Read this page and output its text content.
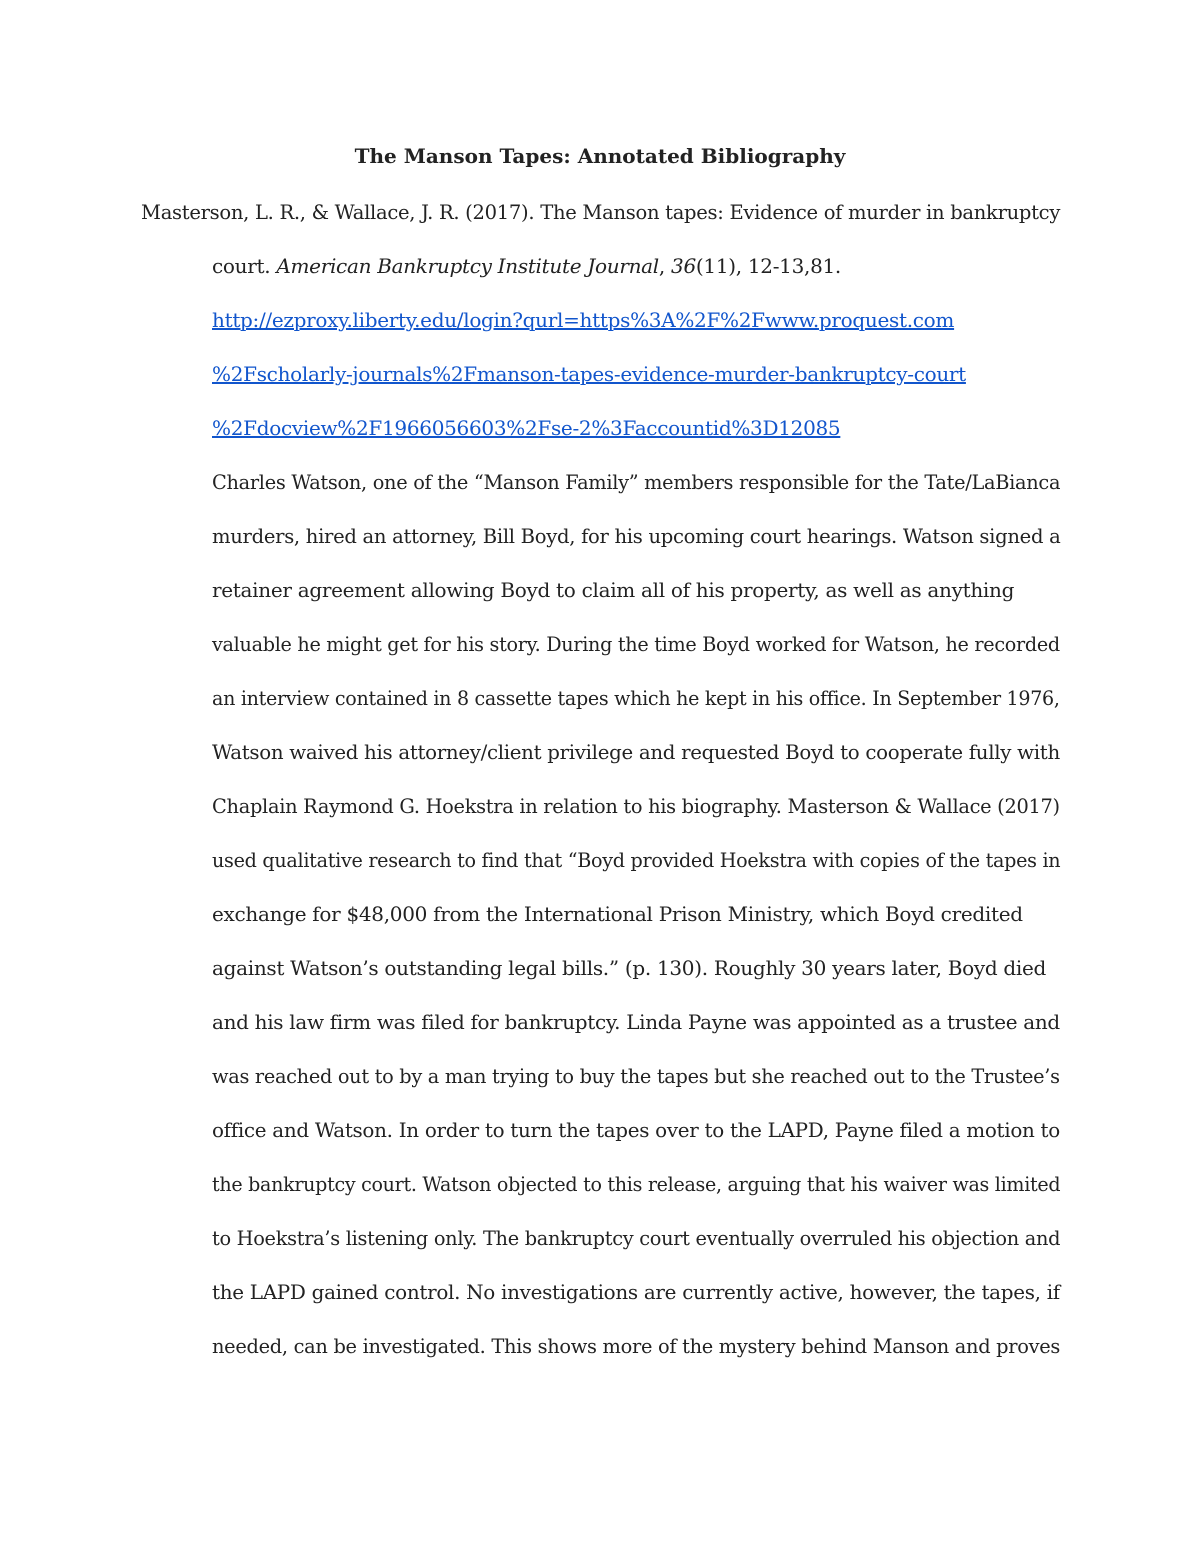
The Manson Tapes: Annotated Bibliography
Masterson, L. R., & Wallace, J. R. (2017). The Manson tapes: Evidence of murder in bankruptcy
court. American Bankruptcy Institute Journal, 36(11), 12-13,81.
http://ezproxy.liberty.edu/login?qurl=https%3A%2F%2Fwww.proquest.com
%2Fscholarly-journals%2Fmanson-tapes-evidence-murder-bankruptcy-court
%2Fdocview%2F1966056603%2Fse-2%3Faccountid%3D12085
Charles Watson, one of the “Manson Family” members responsible for the Tate/LaBianca
murders, hired an attorney, Bill Boyd, for his upcoming court hearings. Watson signed a
retainer agreement allowing Boyd to claim all of his property, as well as anything
valuable he might get for his story. During the time Boyd worked for Watson, he recorded
an interview contained in 8 cassette tapes which he kept in his office. In September 1976,
Watson waived his attorney/client privilege and requested Boyd to cooperate fully with
Chaplain Raymond G. Hoekstra in relation to his biography. Masterson & Wallace (2017)
used qualitative research to find that “Boyd provided Hoekstra with copies of the tapes in
exchange for $48,000 from the International Prison Ministry, which Boyd credited
against Watson’s outstanding legal bills.” (p. 130). Roughly 30 years later, Boyd died
and his law firm was filed for bankruptcy. Linda Payne was appointed as a trustee and
was reached out to by a man trying to buy the tapes but she reached out to the Trustee’s
office and Watson. In order to turn the tapes over to the LAPD, Payne filed a motion to
the bankruptcy court. Watson objected to this release, arguing that his waiver was limited
to Hoekstra’s listening only. The bankruptcy court eventually overruled his objection and
the LAPD gained control. No investigations are currently active, however, the tapes, if
needed, can be investigated. This shows more of the mystery behind Manson and proves
